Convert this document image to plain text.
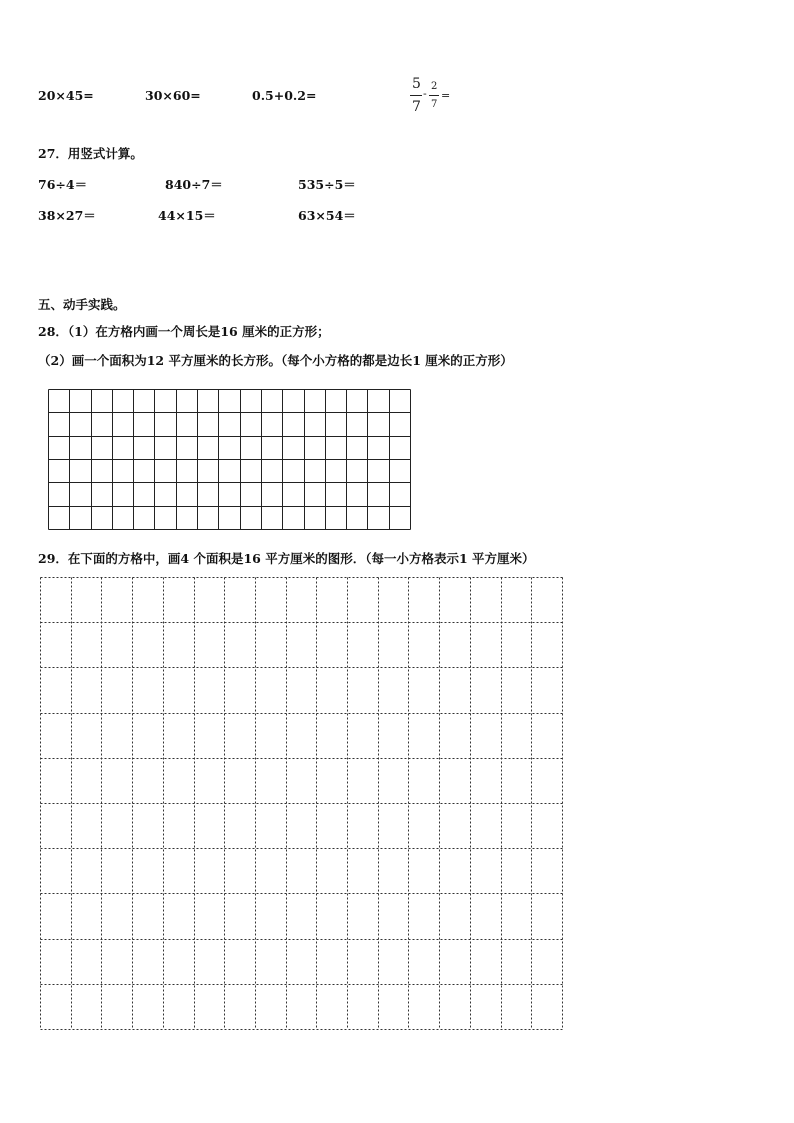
20×45=	30×60=	0.5+0.2=
5
7
-
2
7
=
27．用竖式计算。
76÷4＝	840÷7＝	535÷5＝
38×27＝	44×15＝	63×54＝
五、动手实践。
28．（1）在方格内画一个周长是16 厘米的正方形；
（2）画一个面积为12 平方厘米的长方形。（每个小方格的都是边长1 厘米的正方形）
29．在下面的方格中，画4 个面积是16 平方厘米的图形．（每一小方格表示1 平方厘米）
